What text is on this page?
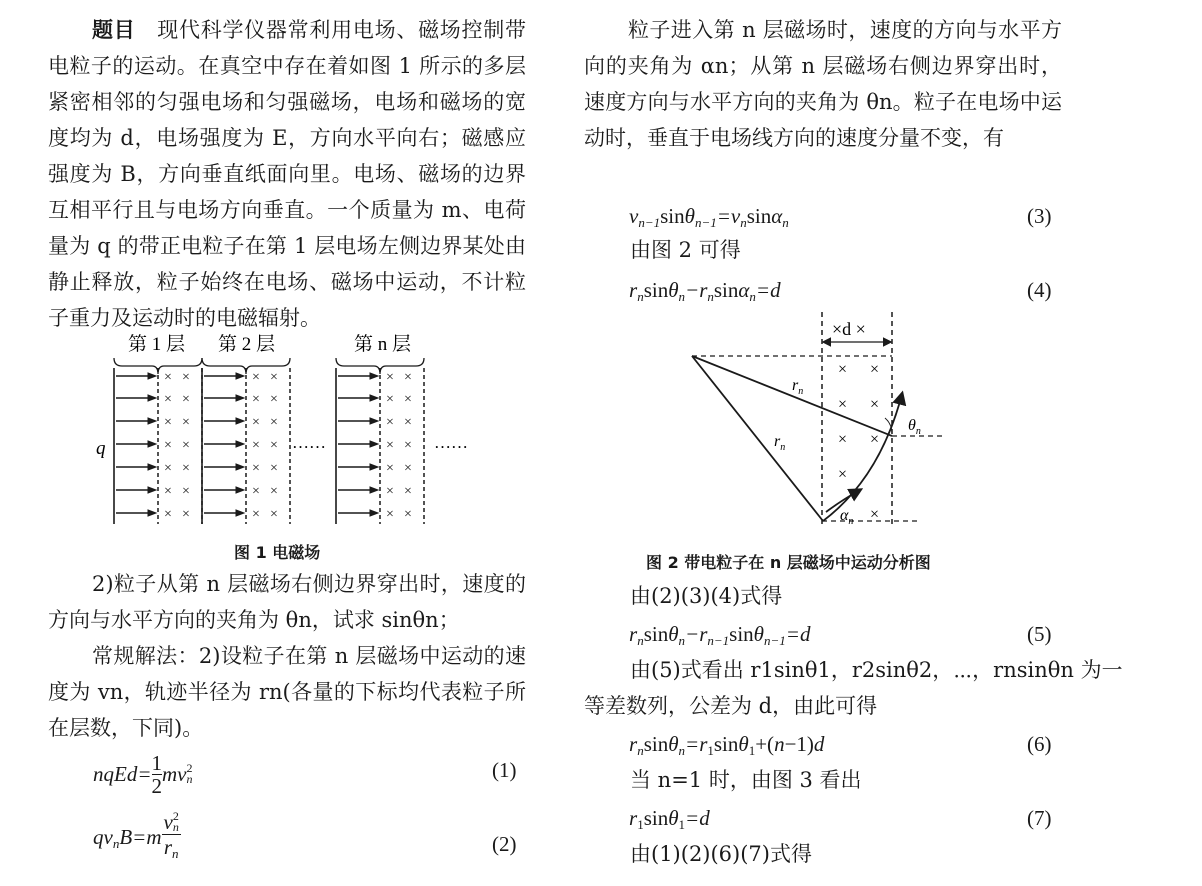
题目　 现代科学仪器常利用电场、磁场控制带电粒子的运动。在真空中存在着如图 1 所示的多层紧密相邻的匀强电场和匀强磁场，电场和磁场的宽度均为 d，电场强度为 E，方向水平向右；磁感应强度为 B，方向垂直纸面向里。电场、磁场的边界互相平行且与电场方向垂直。一个质量为 m、电荷量为 q 的带正电粒子在第 1 层电场左侧边界某处由静止释放，粒子始终在电场、磁场中运动，不计粒子重力及运动时的电磁辐射。

× ×
× ×
× ×
× ×
× ×
× ×
× ×
× ×
× ×
× ×
× ×
× ×
× ×
× ×
× ×
× ×
× ×
× ×
× ×
× ×
× ×
第 1 层 第 2 层	第 n 层
q	……	……
图 1 电磁场

2)粒子从第 n 层磁场右侧边界穿出时，速度的方向与水平方向的夹角为 θn，试求 sinθn；

常规解法：2)设粒子在第 n 层磁场中运动的速度为 vn，轨迹半径为 rn(各量的下标均代表粒子所在层数，下同)。

nqEd= $\frac{1}{2}$ mv 2
n	(1)
$qv_nB=m$ v 2
n
$r_n$	(2)

粒子进入第 n 层磁场时，速度的方向与水平方向的夹角为 αn；从第 n 层磁场右侧边界穿出时，速度方向与水平方向的夹角为 θn。粒子在电场中运动时，垂直于电场线方向的速度分量不变，有

$v_{n-1}\sin\theta_{n-1}=v_n\sin\alpha_n$	(3)
由图 2 可得
$r_n\sin\theta_n-r_n\sin\alpha_n=d$	(4)
×d ×
× ×
× ×
× ×
×
×
$r_n$
$r_n$
$\theta_n$
$\alpha_n$
图 2 带电粒子在 n 层磁场中运动分析图
由(2)(3)(4)式得
$r_n\sin\theta_n-r_{n-1}\sin\theta_{n-1}=d$	(5)
由(5)式看出 r1sinθ1，r2sinθ2，⋯，rnsinθn 为一
等差数列，公差为 d，由此可得
$r_n\sin\theta_n=r_1\sin\theta_1+(n-1)d$	(6)
当 n=1 时，由图 3 看出
$r_1\sin\theta_1=d$	(7)
由(1)(2)(6)(7)式得
